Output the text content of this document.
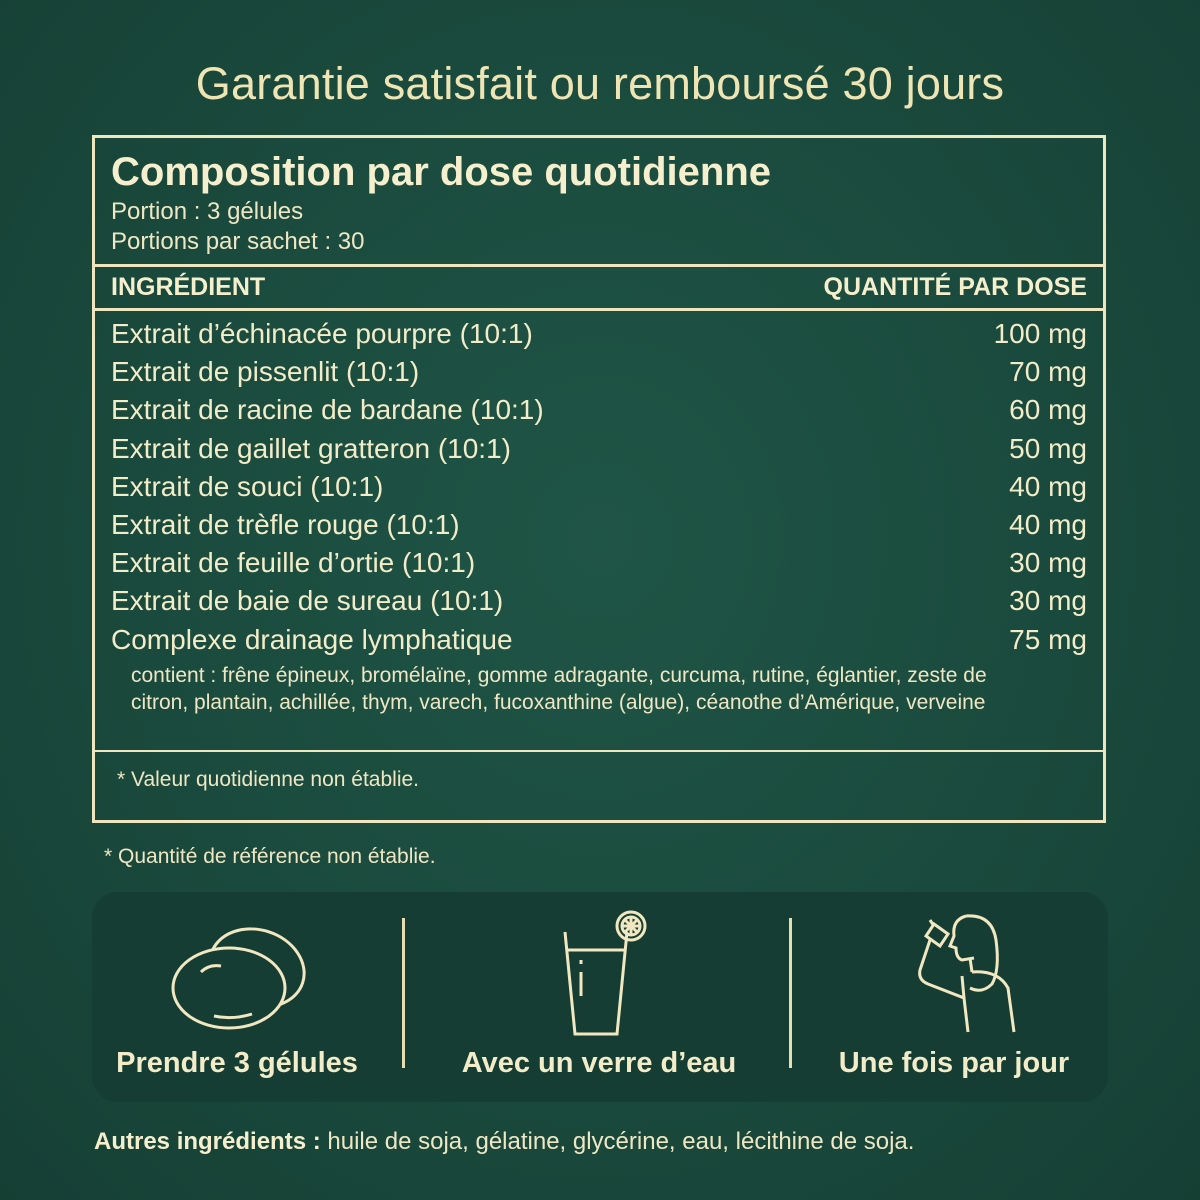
Garantie satisfait ou remboursé 30 jours
Composition par dose quotidienne
Portion : 3 gélules
Portions par sachet : 30
INGRÉDIENT	QUANTITÉ PAR DOSE
Extrait d’échinacée pourpre (10:1)	100 mg
Extrait de pissenlit (10:1)	70 mg
Extrait de racine de bardane (10:1)	60 mg
Extrait de gaillet gratteron (10:1)	50 mg
Extrait de souci (10:1)	40 mg
Extrait de trèfle rouge (10:1)	40 mg
Extrait de feuille d’ortie (10:1)	30 mg
Extrait de baie de sureau (10:1)	30 mg
Complexe drainage lymphatique	75 mg
contient : frêne épineux, bromélaïne, gomme adragante, curcuma, rutine, églantier, zeste de citron, plantain, achillée, thym, varech, fucoxanthine (algue), céanothe d’Amérique, verveine
* Valeur quotidienne non établie.
* Quantité de référence non établie.
Prendre 3 gélules	Avec un verre d’eau	Une fois par jour
Autres ingrédients : huile de soja, gélatine, glycérine, eau, lécithine de soja.
